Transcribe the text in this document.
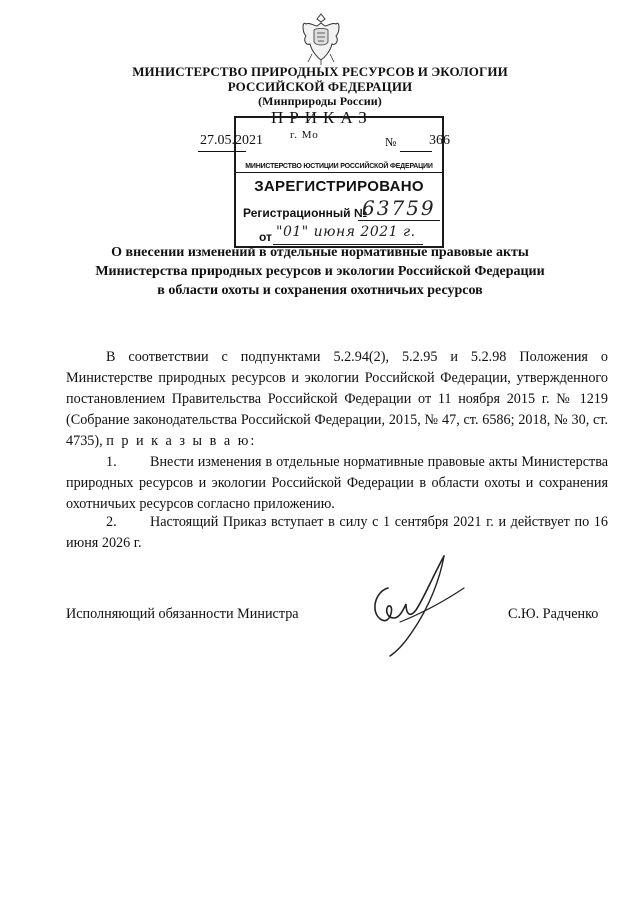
МИНИСТЕРСТВО ПРИРОДНЫХ РЕСУРСОВ И ЭКОЛОГИИ
РОССИЙСКОЙ ФЕДЕРАЦИИ
(Минприроды России)
ПРИКАЗ
г. Мо
27.05.2021	№ 366
МИНИСТЕРСТВО ЮСТИЦИИ РОССИЙСКОЙ ФЕДЕРАЦИИ
ЗАРЕГИСТРИРОВАНО
Регистрационный №
63759
от "01" июня 2021 г.
О внесении изменений в отдельные нормативные правовые акты
Министерства природных ресурсов и экологии Российской Федерации
в области охоты и сохранения охотничьих ресурсов
В соответствии с подпунктами 5.2.94(2), 5.2.95 и 5.2.98 Положения о Министерстве природных ресурсов и экологии Российской Федерации, утвержденного постановлением Правительства Российской Федерации от 11 ноября 2015 г. № 1219 (Собрание законодательства Российской Федерации, 2015, № 47, ст. 6586; 2018, № 30, ст. 4735), п р и к а з ы в а ю:
1. Внести изменения в отдельные нормативные правовые акты Министерства природных ресурсов и экологии Российской Федерации в области охоты и сохранения охотничьих ресурсов согласно приложению.
2. Настоящий Приказ вступает в силу с 1 сентября 2021 г. и действует по 16 июня 2026 г.
Исполняющий обязанности Министра	С.Ю. Радченко
